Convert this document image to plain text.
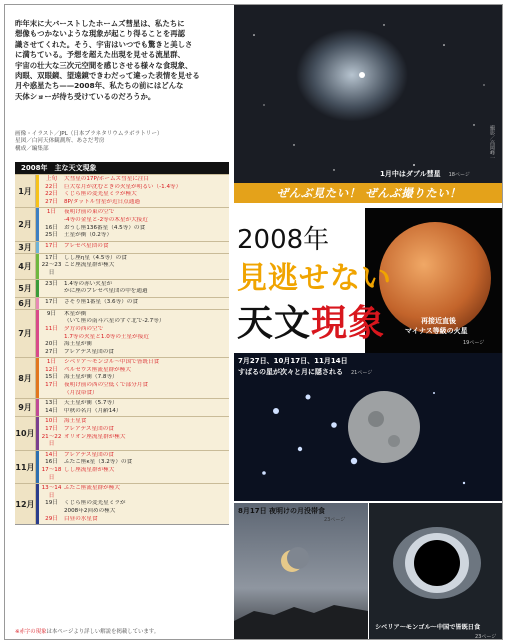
昨年末に大バーストしたホームズ彗星は、私たちに
想像もつかないような現象が起こり得ることを再認
識させてくれた。そう、宇宙はいつでも驚きと美しさ
に満ちている。予想を超えた出現を見せる流星群、
宇宙の壮大な三次元空間を感じさせる様々な食現象、
肉眼、双眼鏡、望遠鏡できわだって違った表情を見せる
月や惑星たち——2008年、私たちの前にはどんな
天体ショーが待ち受けているのだろうか。
画像・イラスト／JPL（日本プラネタリウムラボラトリー）
星図／白河天体観測所、あさだ考房
構成／編集部
2008年　主な天文現象
1月
上旬	大彗星の17P/ホームズ彗星に注目
22日	巨大な月が沈むときの火星が明るい（-1.4等）
22日	くじら座の変光星ミラが極大
27日	8P/タットル彗星が近日点通過
2月
1日	夜明け前の東の空で
-4等の金星と-2等の木星が大接近
16日	おうし座136番星（4.5等）の食
25日	土星が衝（0.2等）
3月	17日	プレセペ星団の食
4月
17日	しし座η星（4.5等）の食
22〜23日
こと座流星群が極大
5月
23日	1.4等の赤い火星が
かに座のプレセペ星団の中を通過
6月	17日	さそり座1番星（3.6等）の食
7月
9日	木星が衝
（いて座の南斗六星のすぐ北で-2.7等）
11日	夕方の西の空で
1.7等の火星と1.0等の土星が接近
20日	海王星が衝
27日	プレアデス星団の食
8月
1日	シベリア〜モンゴル〜中国で皆既日食
12日	ペルセウス座流星群が極大
15日	海王星が衝（7.8等）
17日	夜明け前の西の空低くで部分月食
（月没帯食）
9月
13日	天王星が衝（5.7等）
14日	中秋の名月（月齢14）
10月
10日	海王星食
17日	プレアデス星団の食
21〜22日
オリオン座流星群が極大
11月
14日	プレアデス星団の食
16日	ふたご座κ星（3.2等）の食
17〜18日
しし座流星群が極大
12月
13〜14日
ふたご座流星群が極大
19日	くじら座の変光星ミラが
2008年2回めの極大
29日	白昼の水星食
※赤字の現象は本ページより詳しい解説を掲載しています。
撮影／高岡峰一
1月中はダブル彗星 18ページ
ぜんぶ見たい！ ぜんぶ撮りたい！
再接近直後
マイナス等級の火星
19ページ
2008年
見逃せない
天文現象
7月27日、10月17日、11月14日
すばるの星が次々と月に隠される 21ページ
8月17日 夜明けの月没帯食
23ページ
シベリア〜モンゴル〜中国で皆既日食
23ページ
